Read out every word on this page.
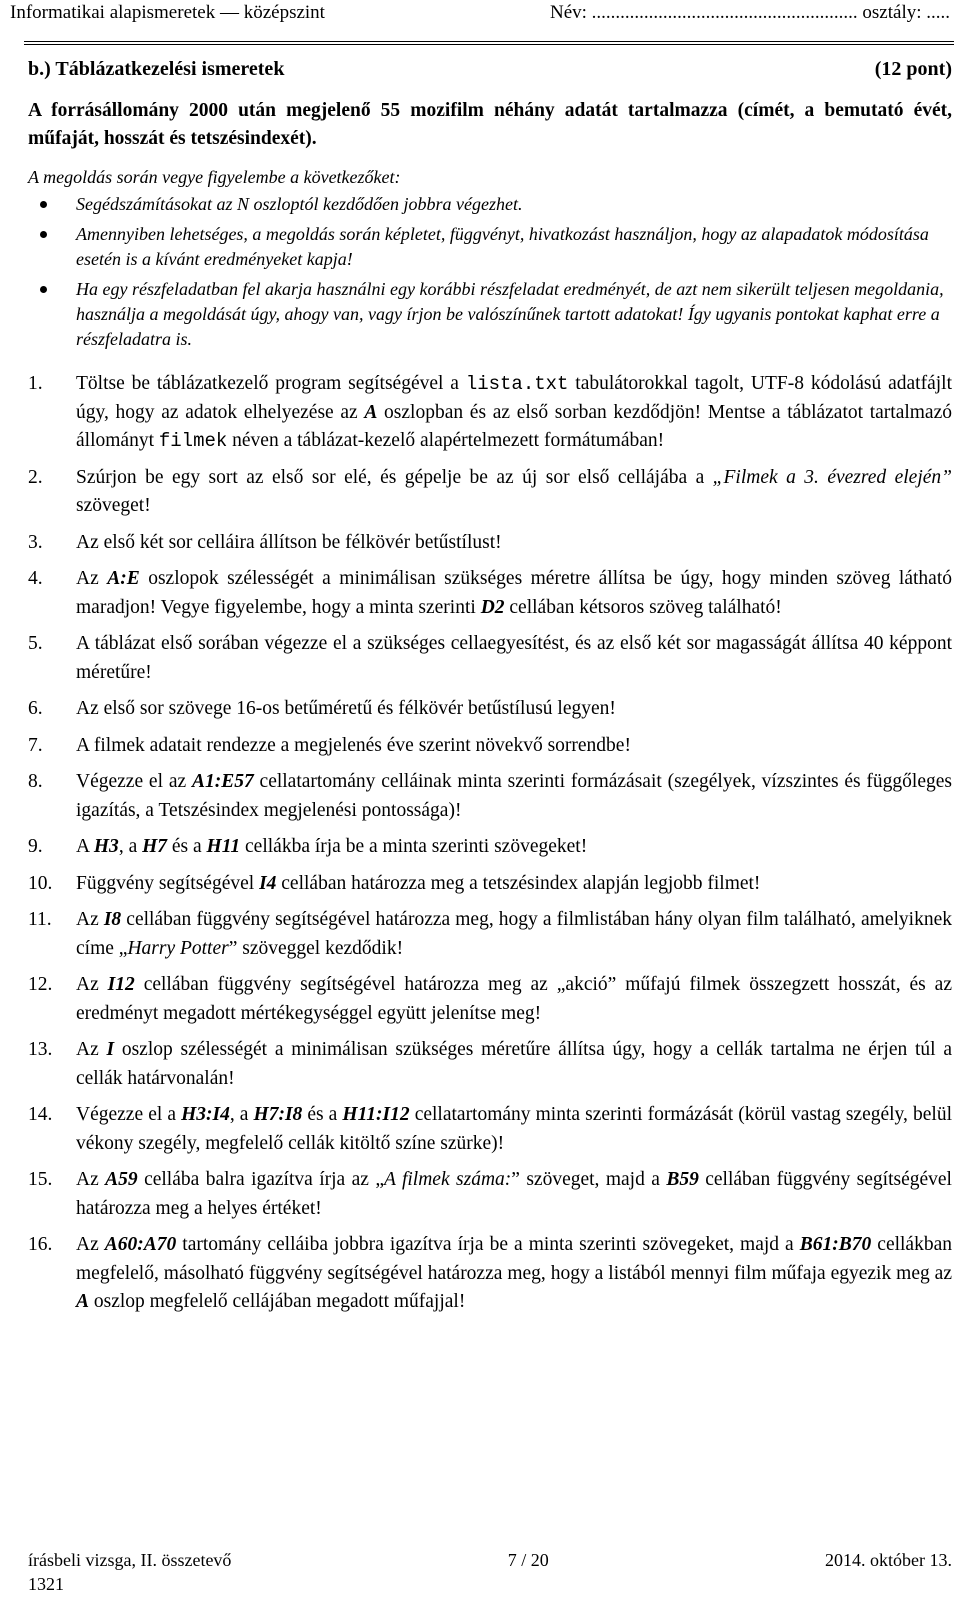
Informatikai alapismeretek — középszint	Név: ........................................................ osztály: .....
b.) Táblázatkezelési ismeretek	(12 pont)
A forrásállomány 2000 után megjelenő 55 mozifilm néhány adatát tartalmazza (címét, a bemutató évét, műfaját, hosszát és tetszésindexét).
A megoldás során vegye figyelembe a következőket:
Segédszámításokat az N oszloptól kezdődően jobbra végezhet.
Amennyiben lehetséges, a megoldás során képletet, függvényt, hivatkozást használjon, hogy az alapadatok módosítása esetén is a kívánt eredményeket kapja!
Ha egy részfeladatban fel akarja használni egy korábbi részfeladat eredményét, de azt nem sikerült teljesen megoldania, használja a megoldását úgy, ahogy van, vagy írjon be valószínűnek tartott adatokat! Így ugyanis pontokat kaphat erre a részfeladatra is.
1. Töltse be táblázatkezelő program segítségével a lista.txt tabulátorokkal tagolt, UTF-8 kódolású adatfájlt úgy, hogy az adatok elhelyezése az A oszlopban és az első sorban kezdődjön! Mentse a táblázatot tartalmazó állományt filmek néven a táblázat-kezelő alapértelmezett formátumában!
2. Szúrjon be egy sort az első sor elé, és gépelje be az új sor első cellájába a „Filmek a 3. évezred elején” szöveget!
3. Az első két sor celláira állítson be félkövér betűstílust!
4. Az A:E oszlopok szélességét a minimálisan szükséges méretre állítsa be úgy, hogy minden szöveg látható maradjon! Vegye figyelembe, hogy a minta szerinti D2 cellában kétsoros szöveg található!
5. A táblázat első sorában végezze el a szükséges cellaegyesítést, és az első két sor magasságát állítsa 40 képpont méretűre!
6. Az első sor szövege 16-os betűméretű és félkövér betűstílusú legyen!
7. A filmek adatait rendezze a megjelenés éve szerint növekvő sorrendbe!
8. Végezze el az A1:E57 cellatartomány celláinak minta szerinti formázásait (szegélyek, vízszintes és függőleges igazítás, a Tetszésindex megjelenési pontossága)!
9. A H3, a H7 és a H11 cellákba írja be a minta szerinti szövegeket!
10. Függvény segítségével I4 cellában határozza meg a tetszésindex alapján legjobb filmet!
11. Az I8 cellában függvény segítségével határozza meg, hogy a filmlistában hány olyan film található, amelyiknek címe „Harry Potter” szöveggel kezdődik!
12. Az I12 cellában függvény segítségével határozza meg az „akció” műfajú filmek összegzett hosszát, és az eredményt megadott mértékegységgel együtt jelenítse meg!
13. Az I oszlop szélességét a minimálisan szükséges méretűre állítsa úgy, hogy a cellák tartalma ne érjen túl a cellák határvonalán!
14. Végezze el a H3:I4, a H7:I8 és a H11:I12 cellatartomány minta szerinti formázását (körül vastag szegély, belül vékony szegély, megfelelő cellák kitöltő színe szürke)!
15. Az A59 cellába balra igazítva írja az „A filmek száma:” szöveget, majd a B59 cellában függvény segítségével határozza meg a helyes értéket!
16. Az A60:A70 tartomány celláiba jobbra igazítva írja be a minta szerinti szövegeket, majd a B61:B70 cellákban megfelelő, másolható függvény segítségével határozza meg, hogy a listából mennyi film műfaja egyezik meg az A oszlop megfelelő cellájában megadott műfajjal!
írásbeli vizsga, II. összetevő	7 / 20	2014. október 13.
1321
